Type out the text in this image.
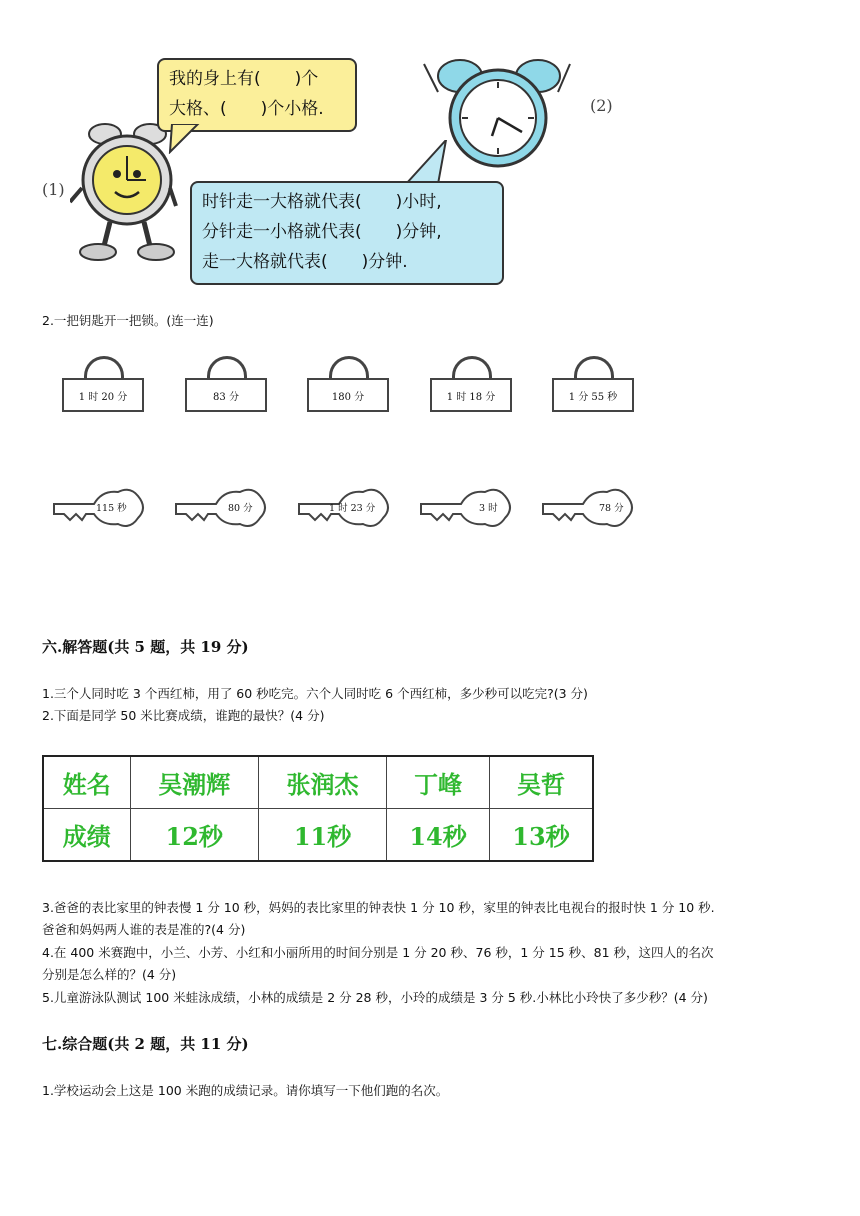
(1)
我的身上有(　　)个
大格、(　　)个小格.	(2)
时针走一大格就代表(　　)小时,
分针走一小格就代表(　　)分钟,
走一大格就代表(　　)分钟.
2.一把钥匙开一把锁。(连一连)
1 时 20 分	83 分	180 分	1 时 18 分	1 分 55 秒
115 秒	80 分	1 时 23 分	3 时	78 分
六.解答题(共 5 题，共 19 分)
1.三个人同时吃 3 个西红柿，用了 60 秒吃完。六个人同时吃 6 个西红柿，多少秒可以吃完?(3 分)
2.下面是同学 50 米比赛成绩，谁跑的最快？(4 分)
姓名	吴潮辉	张润杰	丁峰	吴哲
成绩	12秒	11秒	14秒	13秒
3.爸爸的表比家里的钟表慢 1 分 10 秒，妈妈的表比家里的钟表快 1 分 10 秒，家里的钟表比电视台的报时快 1 分 10 秒.
爸爸和妈妈两人谁的表是准的?(4 分)
4.在 400 米赛跑中，小兰、小芳、小红和小丽所用的时间分别是 1 分 20 秒、76 秒，1 分 15 秒、81 秒，这四人的名次
分别是怎么样的？(4 分)
5.儿童游泳队测试 100 米蛙泳成绩，小林的成绩是 2 分 28 秒，小玲的成绩是 3 分 5 秒.小林比小玲快了多少秒？(4 分)
七.综合题(共 2 题，共 11 分)
1.学校运动会上这是 100 米跑的成绩记录。请你填写一下他们跑的名次。
